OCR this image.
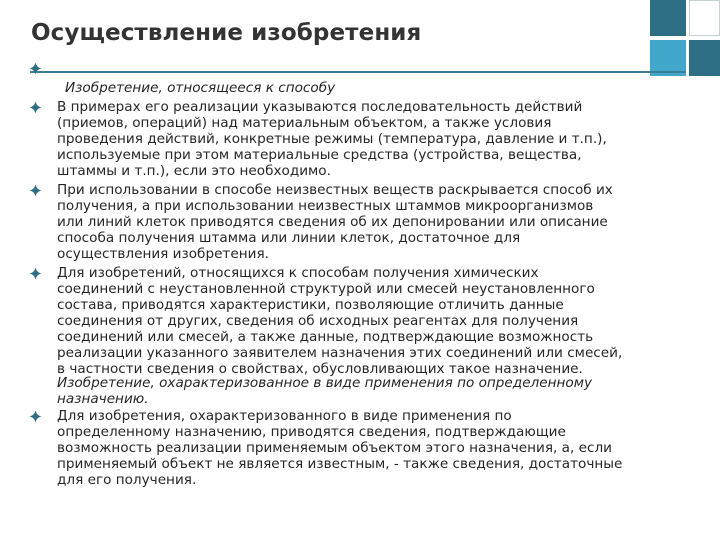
Осуществление изобретения
Изобретение, относящееся к способу
В примерах его реализации указываются последовательность действий
(приемов, операций) над материальным объектом, а также условия
проведения действий, конкретные режимы (температура, давление и т.п.),
используемые при этом материальные средства (устройства, вещества,
штаммы и т.п.), если это необходимо.
При использовании в способе неизвестных веществ раскрывается способ их
получения, а при использовании неизвестных штаммов микроорганизмов
или линий клеток приводятся сведения об их депонировании или описание
способа получения штамма или линии клеток, достаточное для
осуществления изобретения.
Для изобретений, относящихся к способам получения химических
соединений с неустановленной структурой или смесей неустановленного
состава, приводятся характеристики, позволяющие отличить данные
соединения от других, сведения об исходных реагентах для получения
соединений или смесей, а также данные, подтверждающие возможность
реализации указанного заявителем назначения этих соединений или смесей,
в частности сведения о свойствах, обусловливающих такое назначение.
Изобретение, охарактеризованное в виде применения по определенному
назначению.
Для изобретения, охарактеризованного в виде применения по
определенному назначению, приводятся сведения, подтверждающие
возможность реализации применяемым объектом этого назначения, а, если
применяемый объект не является известным, - также сведения, достаточные
для его получения.
